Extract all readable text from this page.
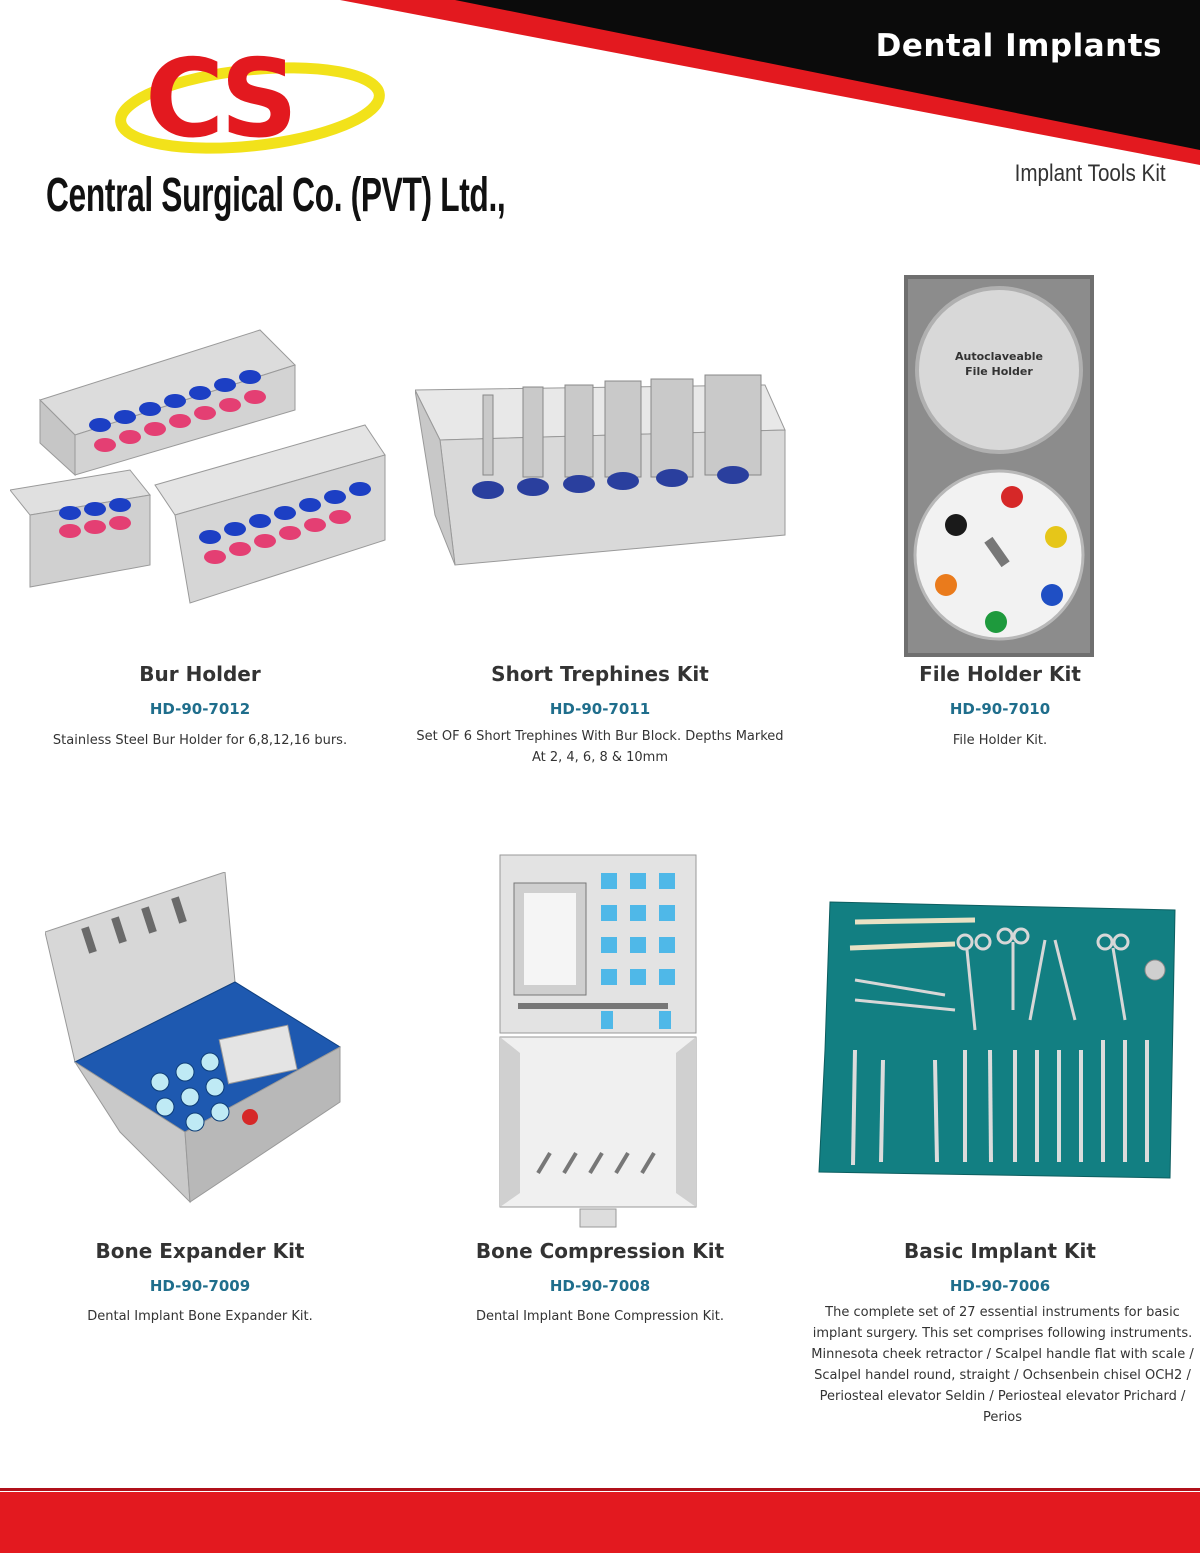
Dental Implants
Implant Tools Kit
CS
Central Surgical Co. (PVT) Ltd.,
Bur Holder
HD-90-7012
Stainless Steel Bur Holder for 6,8,12,16 burs.
Short Trephines Kit
HD-90-7011
Set OF 6 Short Trephines With Bur Block. Depths Marked At 2, 4, 6, 8 & 10mm
Autoclaveable
File Holder
File Holder Kit
HD-90-7010
File Holder Kit.
Bone Expander Kit
HD-90-7009
Dental Implant Bone Expander Kit.
Bone Compression Kit
HD-90-7008
Dental Implant Bone Compression Kit.
Basic Implant Kit
HD-90-7006
The complete set of 27 essential instruments for basic implant surgery. This set comprises following instruments. Minnesota cheek retractor / Scalpel handle flat with scale / Scalpel handel round, straight / Ochsenbein chisel OCH2 / Periosteal elevator Seldin / Periosteal elevator Prichard / Perios
